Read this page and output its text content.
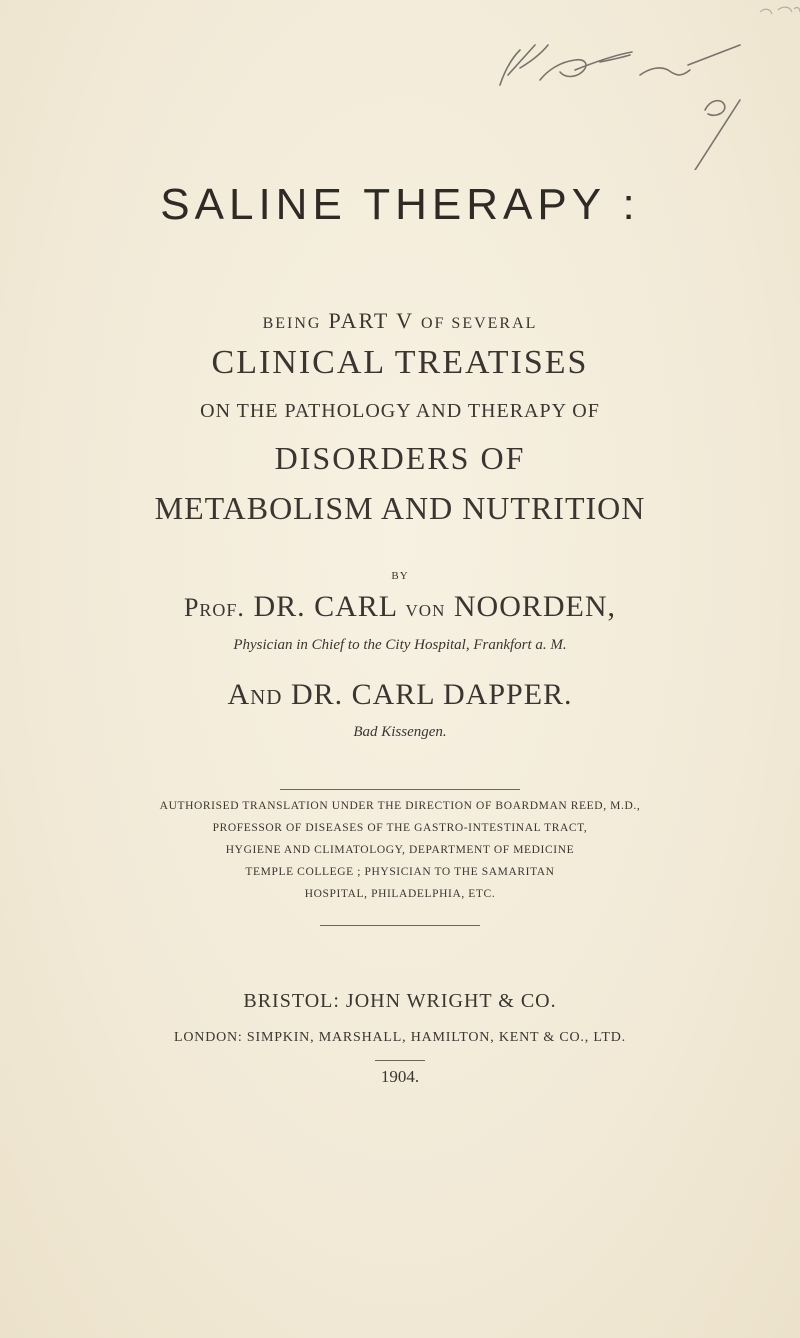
SALINE THERAPY :
BEING PART V OF SEVERAL
CLINICAL TREATISES
ON THE PATHOLOGY AND THERAPY OF
DISORDERS OF
METABOLISM AND NUTRITION
BY
Prof. DR. CARL von NOORDEN,
Physician in Chief to the City Hospital, Frankfort a. M.
And DR. CARL DAPPER.
Bad Kissengen.
AUTHORISED TRANSLATION UNDER THE DIRECTION OF BOARDMAN REED, M.D.,
PROFESSOR OF DISEASES OF THE GASTRO-INTESTINAL TRACT,
HYGIENE AND CLIMATOLOGY, DEPARTMENT OF MEDICINE
TEMPLE COLLEGE ; PHYSICIAN TO THE SAMARITAN
HOSPITAL, PHILADELPHIA, ETC.
BRISTOL: JOHN WRIGHT & CO.
LONDON: SIMPKIN, MARSHALL, HAMILTON, KENT & CO., LTD.
1904.
